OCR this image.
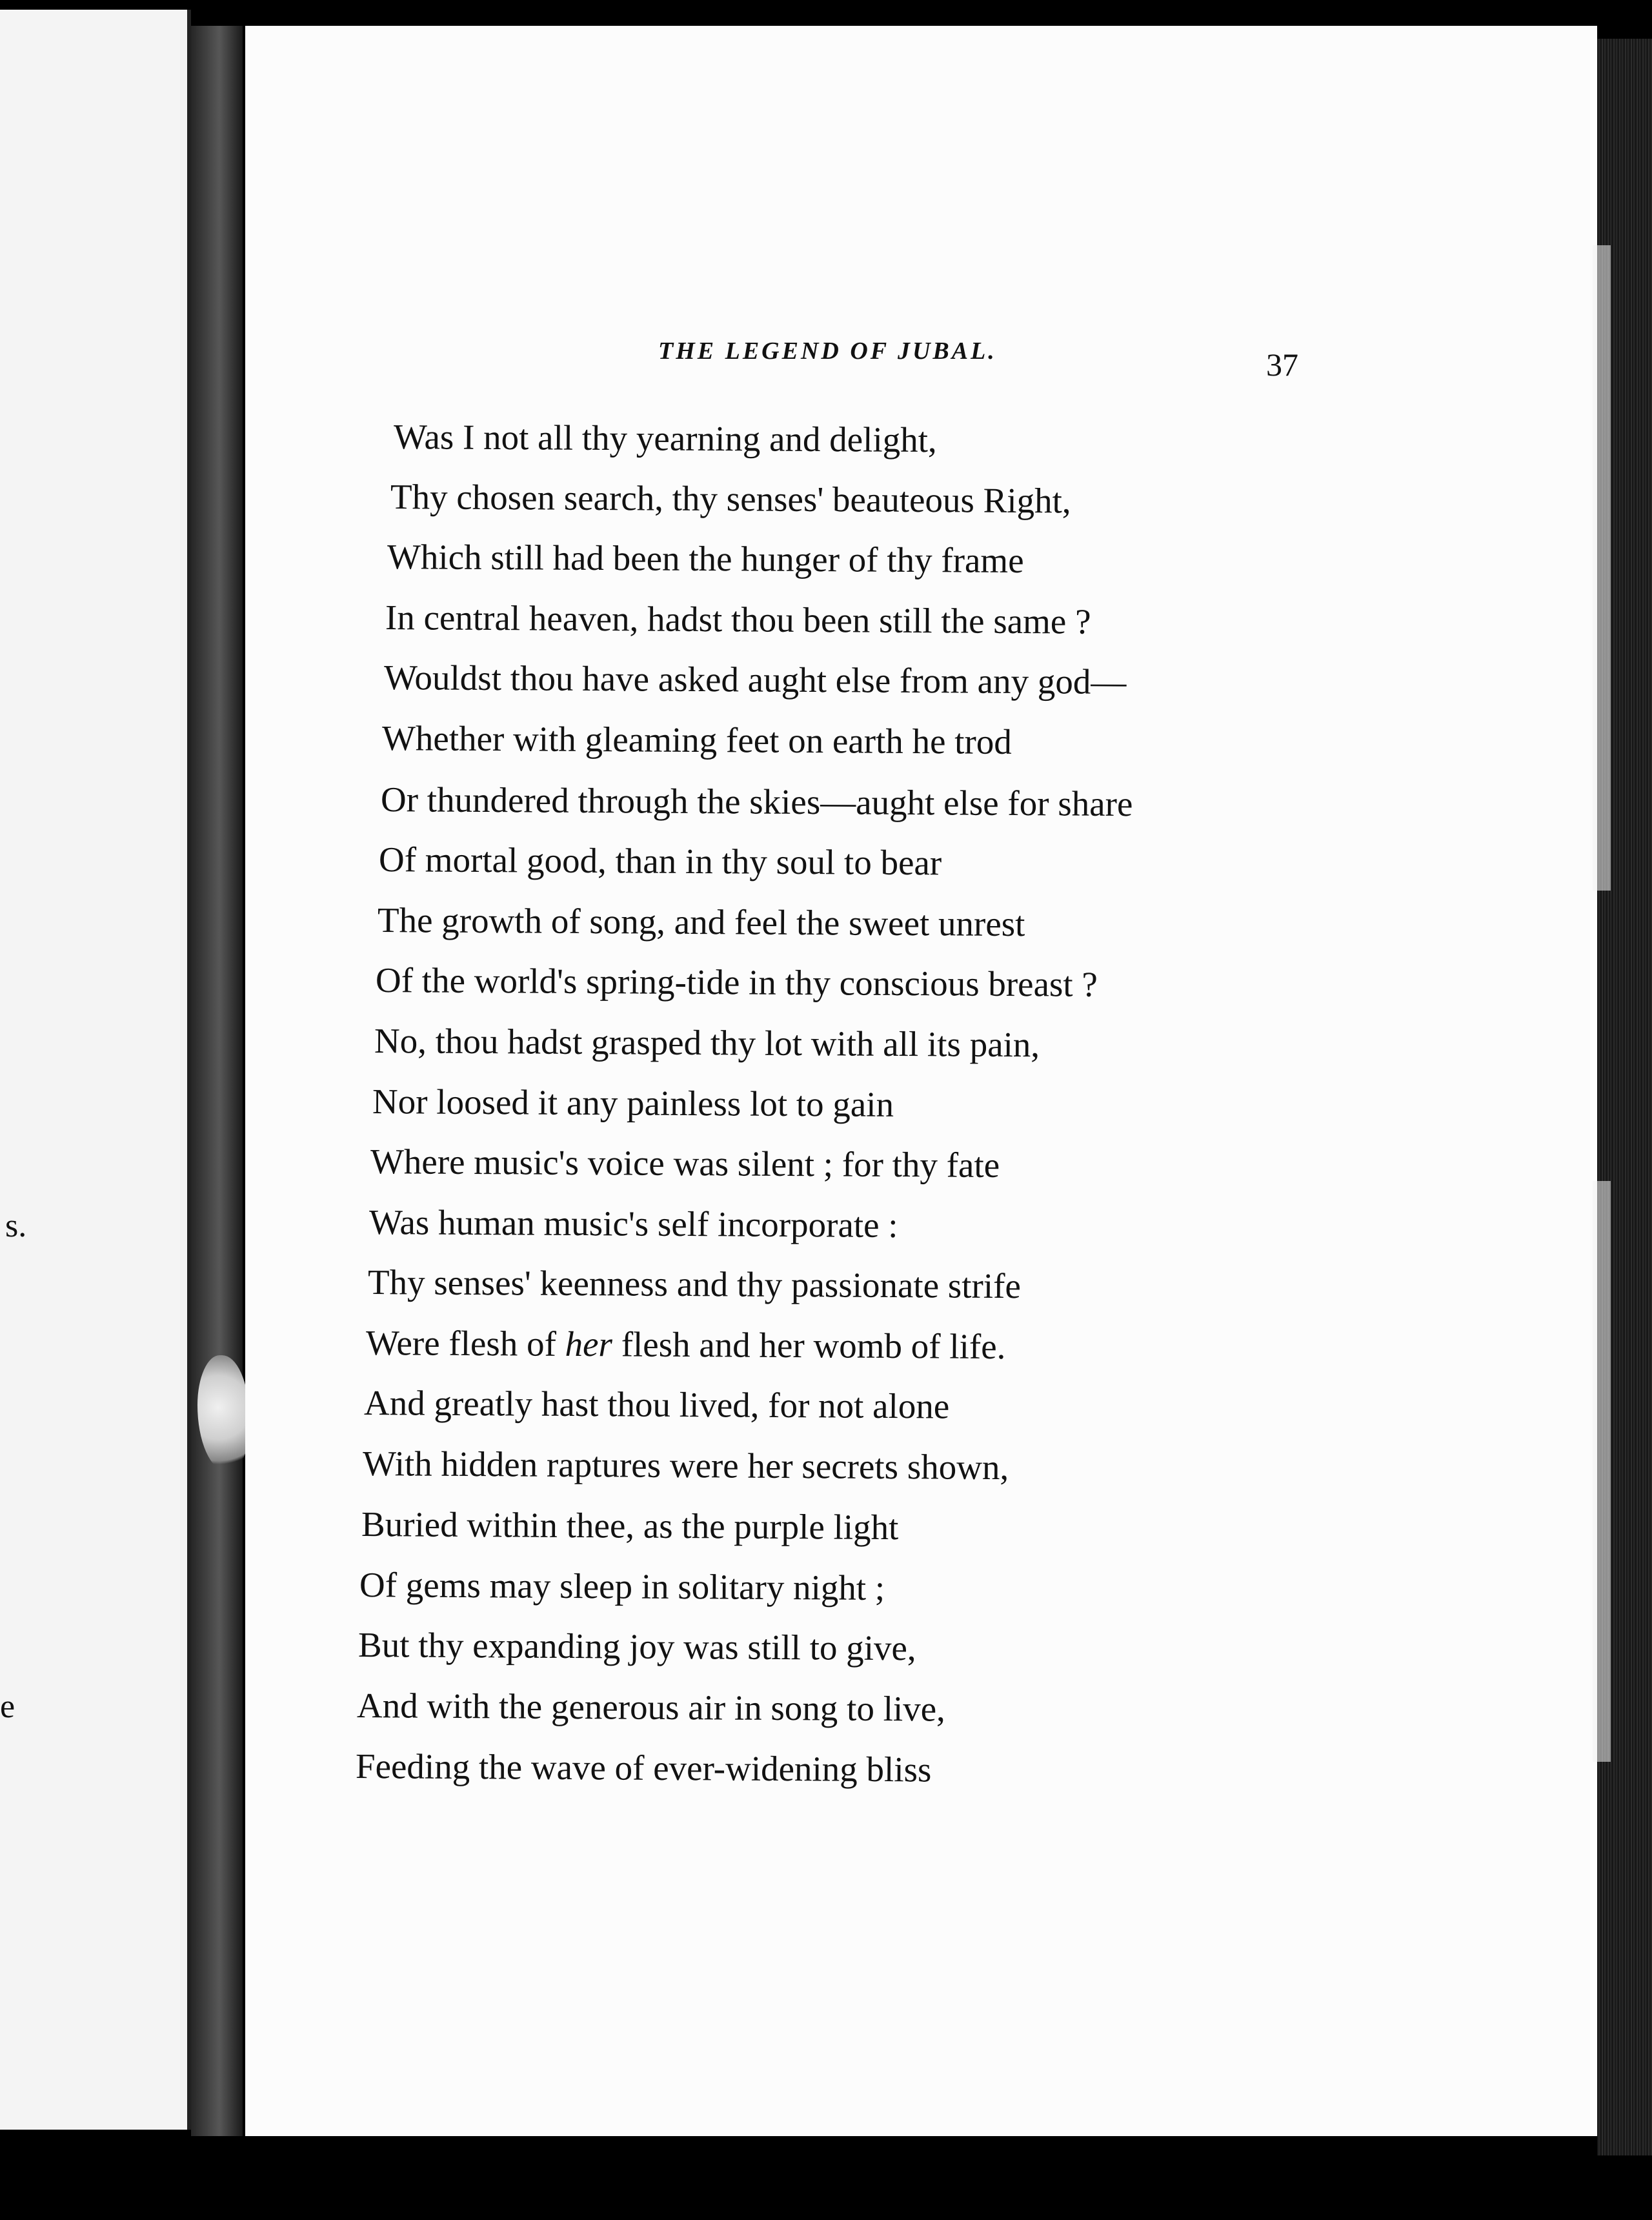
s.
e
THE LEGEND OF JUBAL.	37
Was I not all thy yearning and delight,
Thy chosen search, thy senses' beauteous Right,
Which still had been the hunger of thy frame
In central heaven, hadst thou been still the same ?
Wouldst thou have asked aught else from any god—
Whether with gleaming feet on earth he trod
Or thundered through the skies—aught else for share
Of mortal good, than in thy soul to bear
The growth of song, and feel the sweet unrest
Of the world's spring-tide in thy conscious breast ?
No, thou hadst grasped thy lot with all its pain,
Nor loosed it any painless lot to gain
Where music's voice was silent ; for thy fate
Was human music's self incorporate :
Thy senses' keenness and thy passionate strife
Were flesh of her flesh and her womb of life.
And greatly hast thou lived, for not alone
With hidden raptures were her secrets shown,
Buried within thee, as the purple light
Of gems may sleep in solitary night ;
But thy expanding joy was still to give,
And with the generous air in song to live,
Feeding the wave of ever-widening bliss
